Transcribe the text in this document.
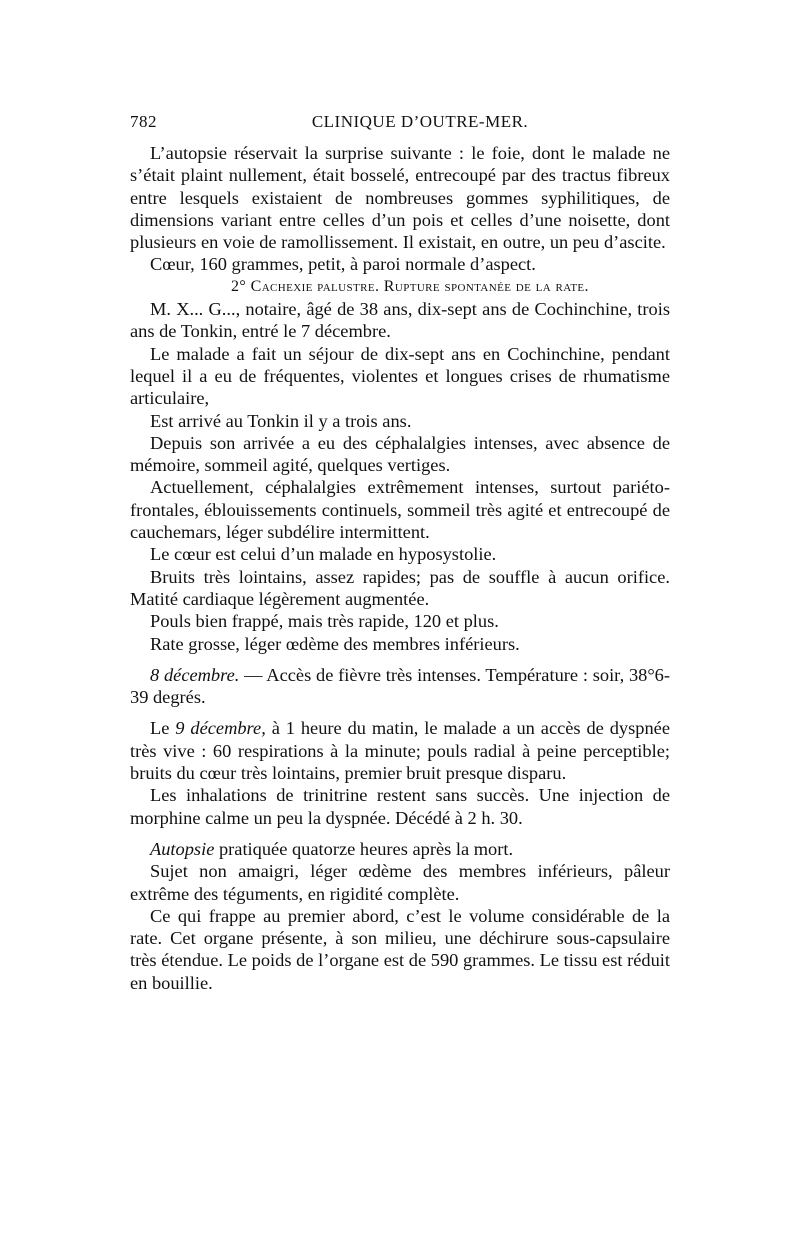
782	CLINIQUE D’OUTRE-MER.

L’autopsie réservait la surprise suivante : le foie, dont le malade ne s’était plaint nullement, était bosselé, entrecoupé par des tractus fibreux entre lesquels existaient de nombreuses gommes syphilitiques, de dimensions variant entre celles d’un pois et celles d’une noisette, dont plusieurs en voie de ramollissement. Il existait, en outre, un peu d’ascite.

Cœur, 160 grammes, petit, à paroi normale d’aspect.

2° Cachexie palustre. Rupture spontanée de la rate.

M. X... G..., notaire, âgé de 38 ans, dix-sept ans de Cochinchine, trois ans de Tonkin, entré le 7 décembre.

Le malade a fait un séjour de dix-sept ans en Cochinchine, pendant lequel il a eu de fréquentes, violentes et longues crises de rhumatisme articulaire,

Est arrivé au Tonkin il y a trois ans.

Depuis son arrivée a eu des céphalalgies intenses, avec absence de mémoire, sommeil agité, quelques vertiges.

Actuellement, céphalalgies extrêmement intenses, surtout pariéto-frontales, éblouissements continuels, sommeil très agité et entrecoupé de cauchemars, léger subdélire intermittent.

Le cœur est celui d’un malade en hyposystolie.

Bruits très lointains, assez rapides; pas de souffle à aucun orifice. Matité cardiaque légèrement augmentée.

Pouls bien frappé, mais très rapide, 120 et plus.

Rate grosse, léger œdème des membres inférieurs.

8 décembre. — Accès de fièvre très intenses. Température : soir, 38°6-39 degrés.

Le 9 décembre, à 1 heure du matin, le malade a un accès de dyspnée très vive : 60 respirations à la minute; pouls radial à peine perceptible; bruits du cœur très lointains, premier bruit presque disparu.

Les inhalations de trinitrine restent sans succès. Une injection de morphine calme un peu la dyspnée. Décédé à 2 h. 30.

Autopsie pratiquée quatorze heures après la mort.

Sujet non amaigri, léger œdème des membres inférieurs, pâleur extrême des téguments, en rigidité complète.

Ce qui frappe au premier abord, c’est le volume considérable de la rate. Cet organe présente, à son milieu, une déchirure sous-capsulaire très étendue. Le poids de l’organe est de 590 grammes. Le tissu est réduit en bouillie.
